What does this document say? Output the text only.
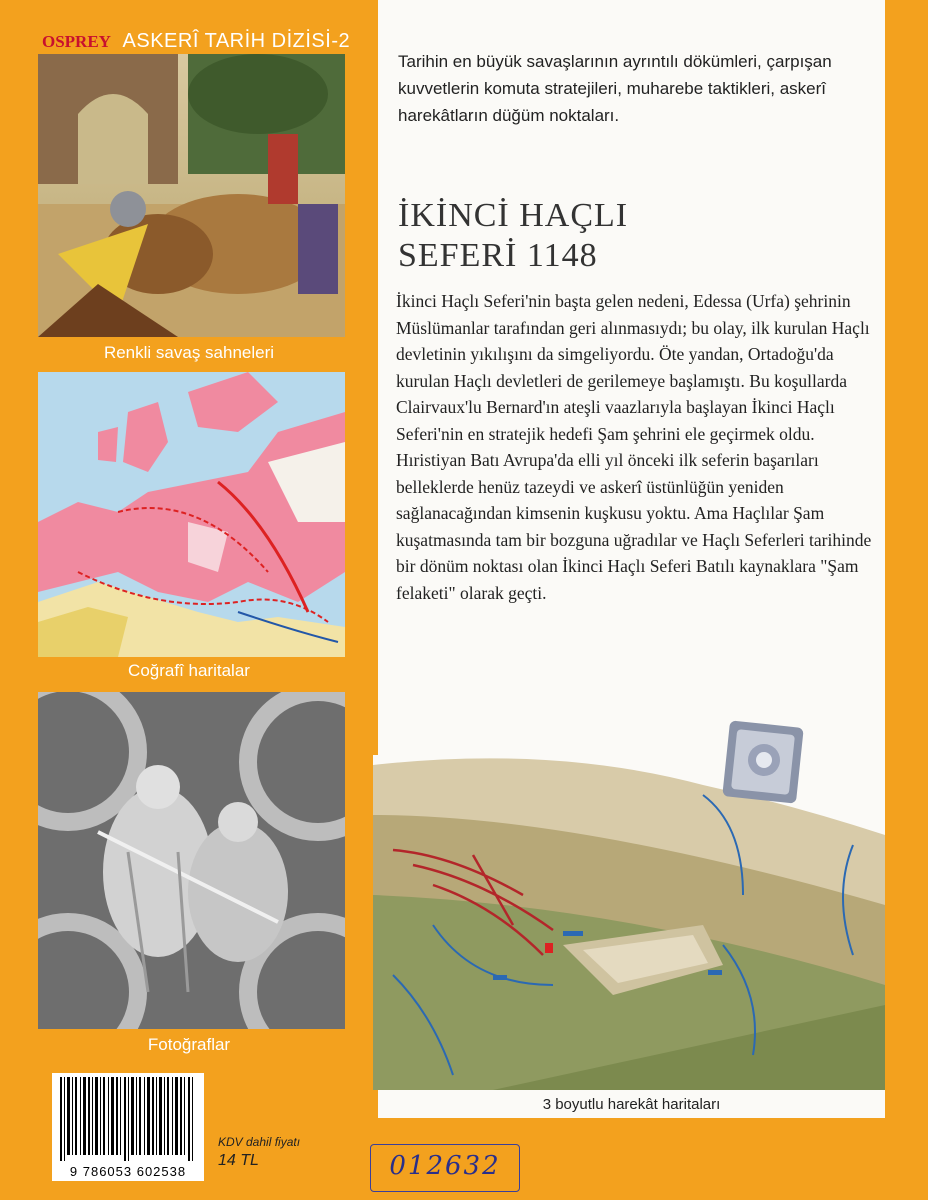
OSPREY ASKERÎ TARİH DİZİSİ-2
Renkli savaş sahneleri
Coğrafî haritalar
Fotoğraflar
Tarihin en büyük savaşlarının ayrıntılı dökümleri, çarpışan kuvvetlerin komuta stratejileri, muharebe taktikleri, askerî harekâtların düğüm noktaları.
İKİNCİ HAÇLI
SEFERİ 1148
İkinci Haçlı Seferi'nin başta gelen nedeni, Edessa (Urfa) şehrinin Müslümanlar tarafından geri alınmasıydı; bu olay, ilk kurulan Haçlı devletinin yıkılışını da simgeliyordu. Öte yandan, Ortadoğu'da kurulan Haçlı devletleri de gerilemeye başlamıştı. Bu koşullarda Clairvaux'lu Bernard'ın ateşli vaazlarıyla başlayan İkinci Haçlı Seferi'nin en stratejik hedefi Şam şehrini ele geçirmek oldu. Hıristiyan Batı Avrupa'da elli yıl önceki ilk seferin başarıları belleklerde henüz tazeydi ve askerî üstünlüğün yeniden sağlanacağından kimsenin kuşkusu yoktu. Ama Haçlılar Şam kuşatmasında tam bir bozguna uğradılar ve Haçlı Seferleri tarihinde bir dönüm noktası olan İkinci Haçlı Seferi Batılı kaynaklara "Şam felaketi" olarak geçti.
3 boyutlu harekât haritaları
9 786053 602538
KDV dahil fiyatı
14 TL	012632
